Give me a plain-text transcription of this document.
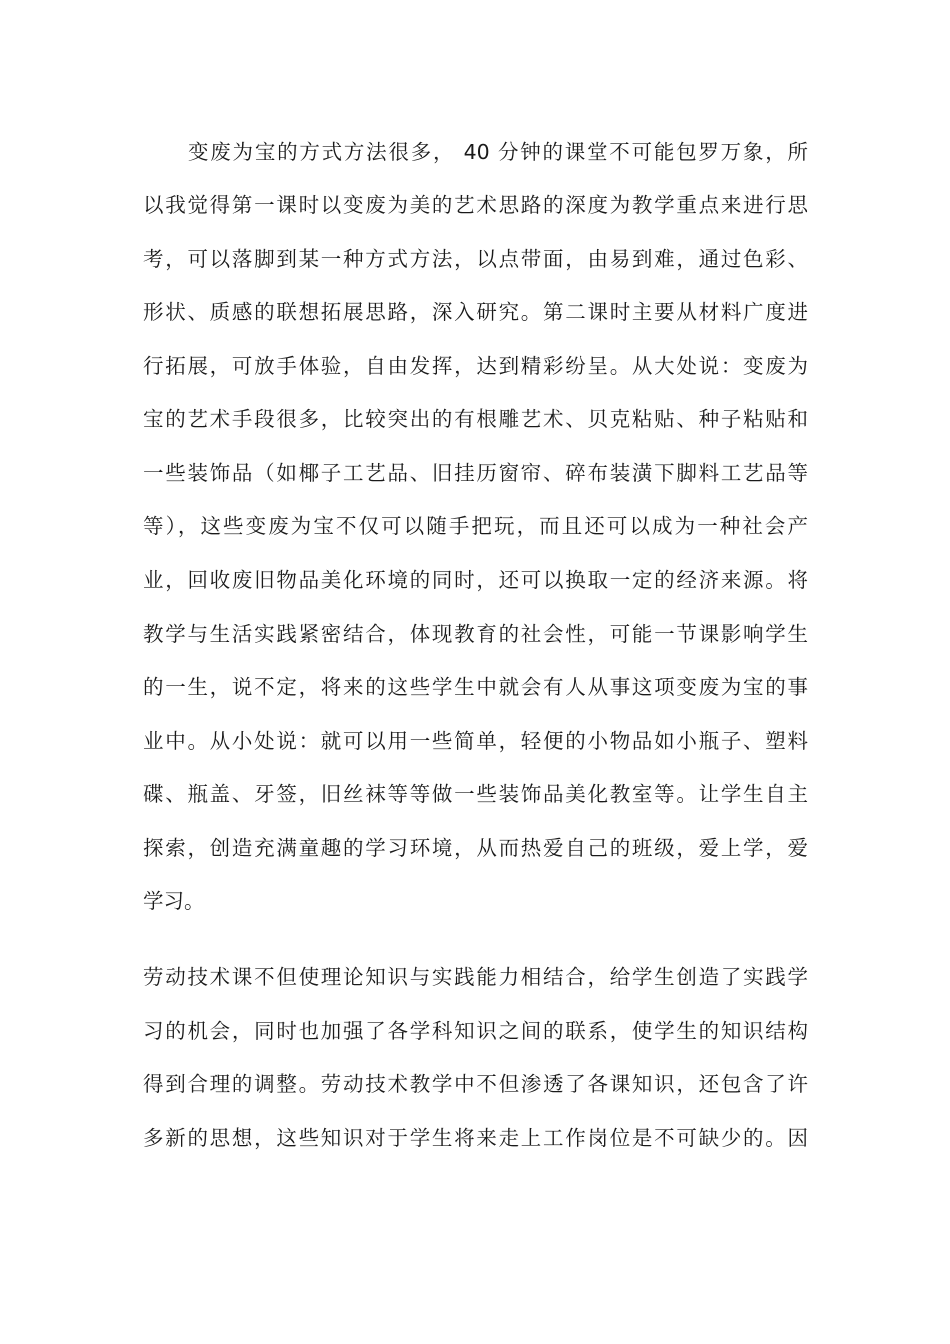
变废为宝的方式方法很多， 40 分钟的课堂不可能包罗万象，所
以我觉得第一课时以变废为美的艺术思路的深度为教学重点来进行思
考，可以落脚到某一种方式方法，以点带面，由易到难，通过色彩、
形状、质感的联想拓展思路，深入研究。第二课时主要从材料广度进
行拓展，可放手体验，自由发挥，达到精彩纷呈。从大处说：变废为
宝的艺术手段很多，比较突出的有根雕艺术、贝克粘贴、种子粘贴和
一些装饰品（如椰子工艺品、旧挂历窗帘、碎布装潢下脚料工艺品等
等），这些变废为宝不仅可以随手把玩，而且还可以成为一种社会产
业，回收废旧物品美化环境的同时，还可以换取一定的经济来源。将
教学与生活实践紧密结合，体现教育的社会性，可能一节课影响学生
的一生，说不定，将来的这些学生中就会有人从事这项变废为宝的事
业中。从小处说：就可以用一些简单，轻便的小物品如小瓶子、塑料
碟、瓶盖、牙签，旧丝袜等等做一些装饰品美化教室等。让学生自主
探索，创造充满童趣的学习环境，从而热爱自己的班级，爱上学，爱
学习。
劳动技术课不但使理论知识与实践能力相结合，给学生创造了实践学
习的机会，同时也加强了各学科知识之间的联系，使学生的知识结构
得到合理的调整。劳动技术教学中不但渗透了各课知识，还包含了许
多新的思想，这些知识对于学生将来走上工作岗位是不可缺少的。因
